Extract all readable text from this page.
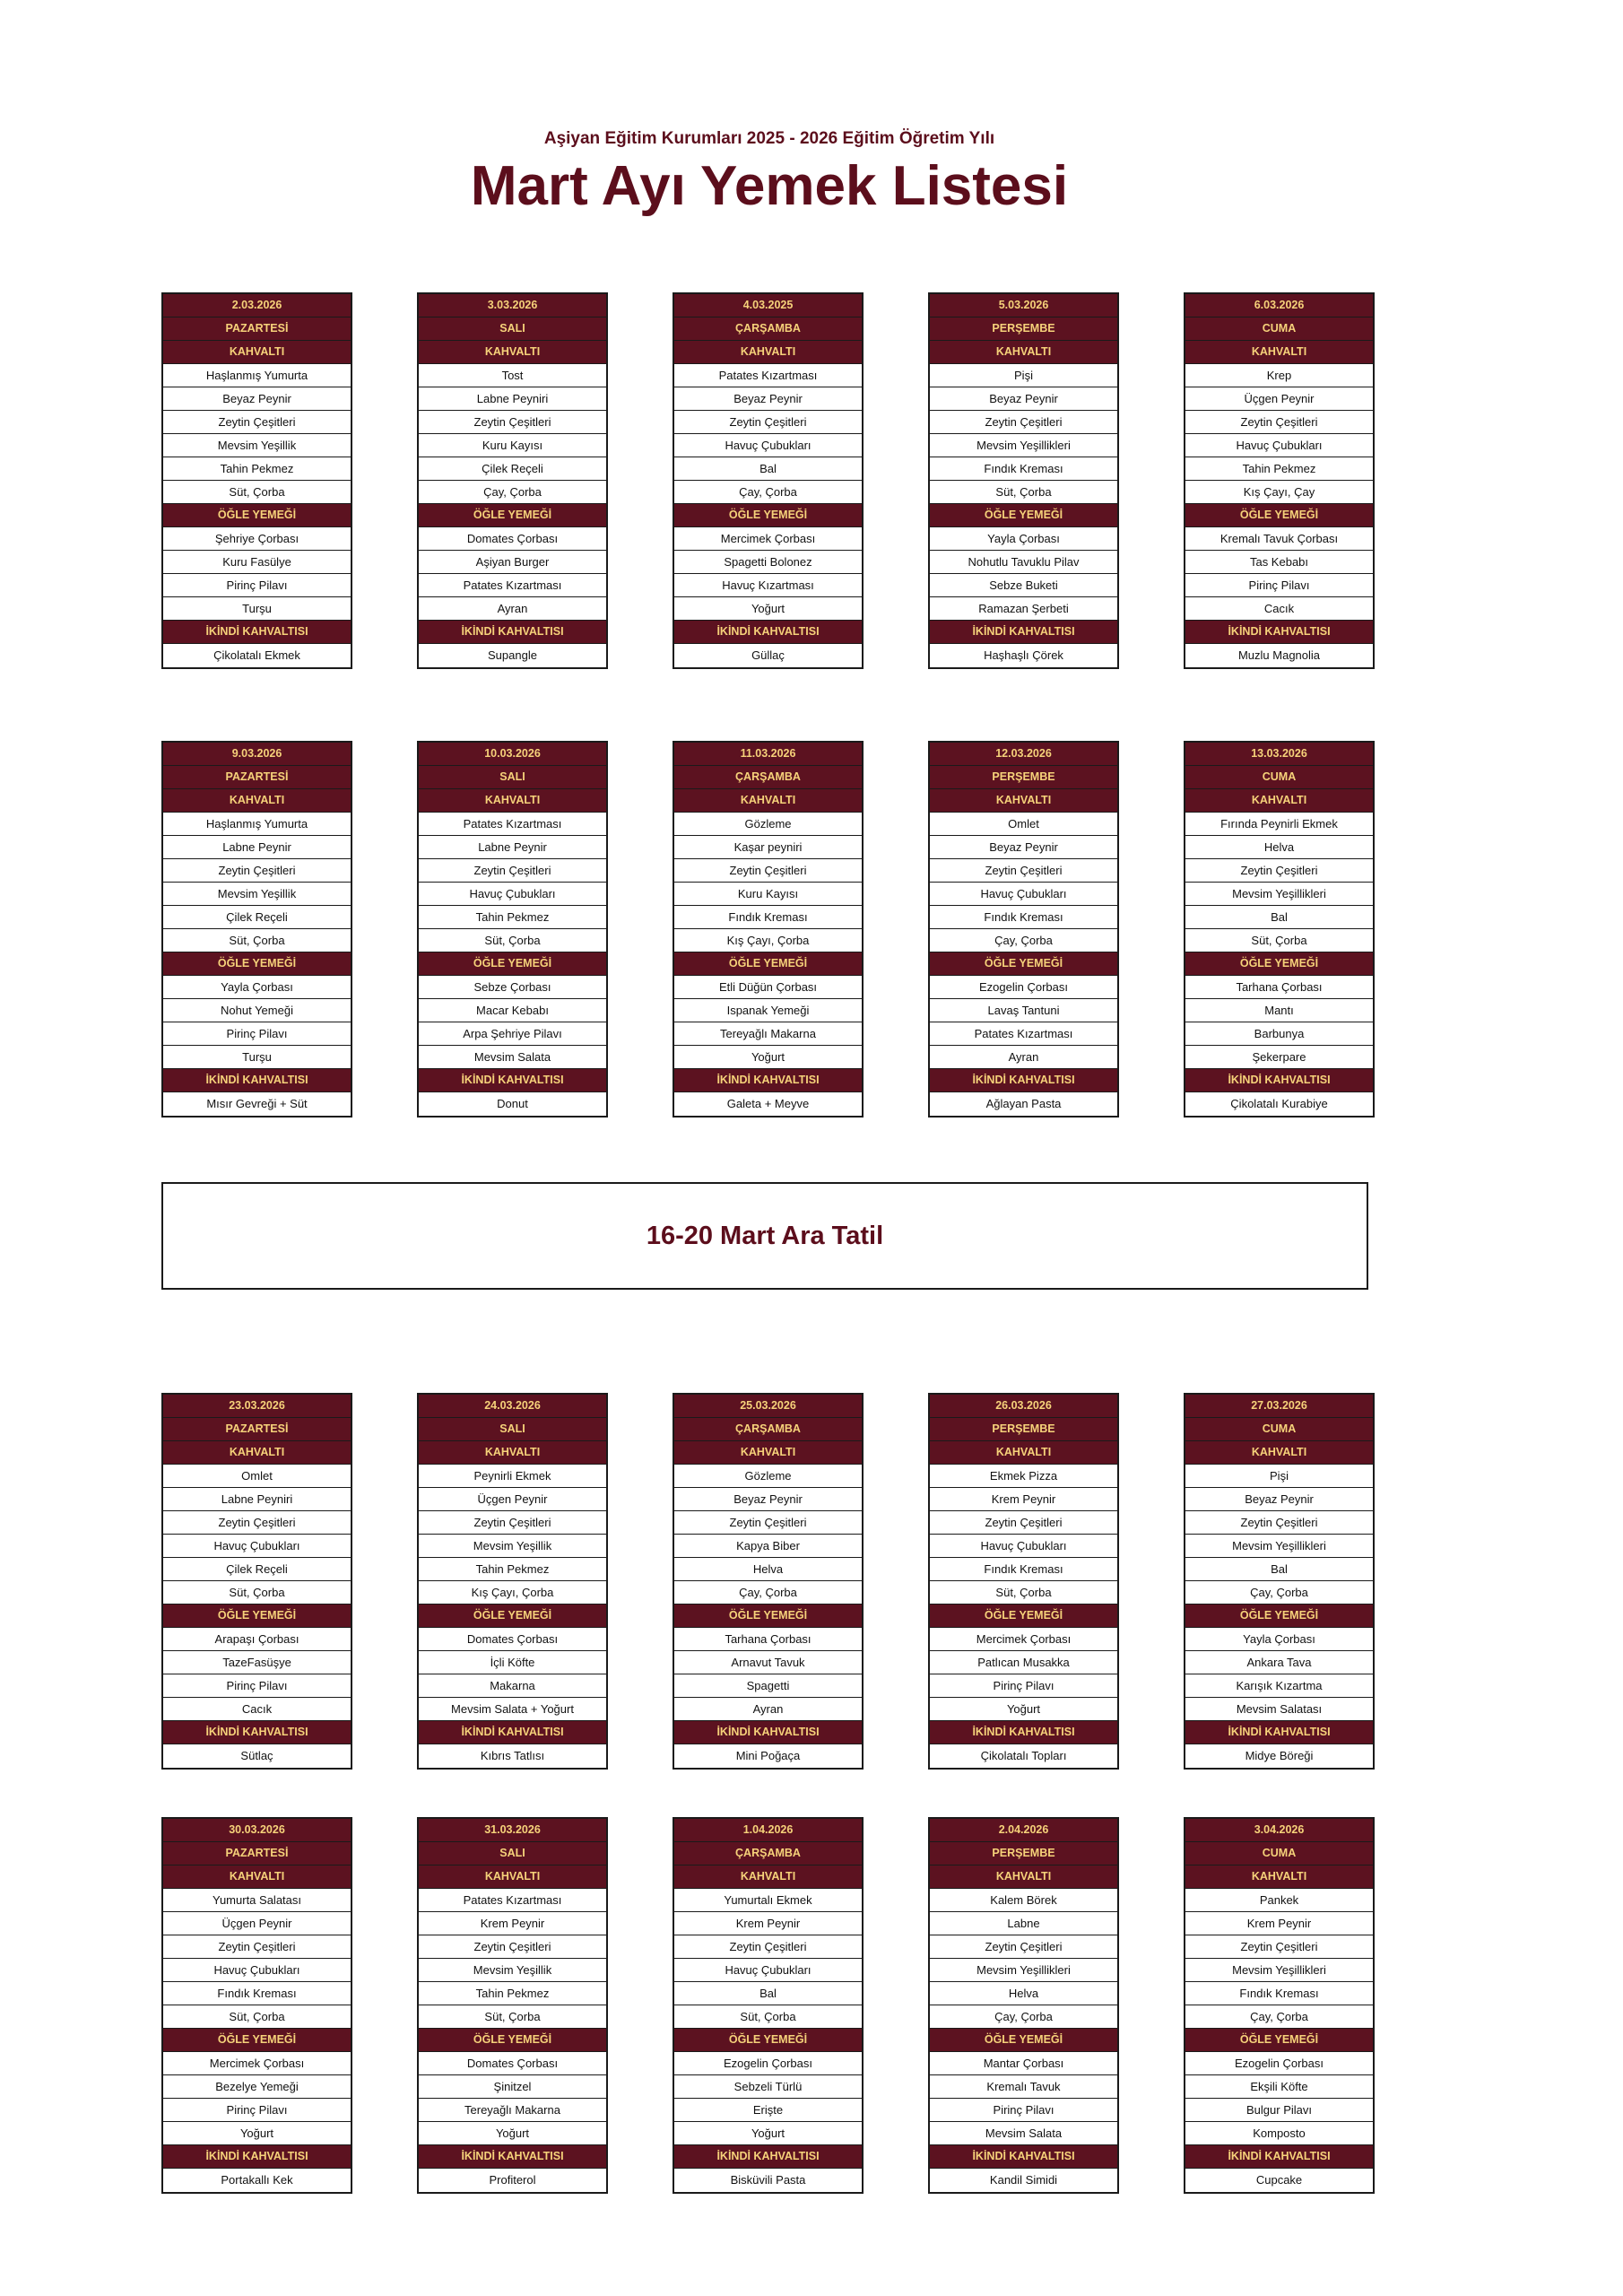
Aşiyan Eğitim Kurumları 2025 - 2026 Eğitim Öğretim Yılı
Mart Ayı Yemek Listesi
2.03.2026
PAZARTESİ
KAHVALTI
Haşlanmış Yumurta
Beyaz Peynir
Zeytin Çeşitleri
Mevsim Yeşillik
Tahin Pekmez
Süt, Çorba
ÖĞLE YEMEĞİ
Şehriye Çorbası
Kuru Fasülye
Pirinç Pilavı
Turşu
İKİNDİ KAHVALTISI
Çikolatalı Ekmek
3.03.2026
SALI
KAHVALTI
Tost
Labne Peyniri
Zeytin Çeşitleri
Kuru Kayısı
Çilek Reçeli
Çay, Çorba
ÖĞLE YEMEĞİ
Domates Çorbası
Aşiyan Burger
Patates Kızartması
Ayran
İKİNDİ KAHVALTISI
Supangle
4.03.2025
ÇARŞAMBA
KAHVALTI
Patates Kızartması
Beyaz Peynir
Zeytin Çeşitleri
Havuç Çubukları
Bal
Çay, Çorba
ÖĞLE YEMEĞİ
Mercimek Çorbası
Spagetti Bolonez
Havuç Kızartması
Yoğurt
İKİNDİ KAHVALTISI
Güllaç
5.03.2026
PERŞEMBE
KAHVALTI
Pişi
Beyaz Peynir
Zeytin Çeşitleri
Mevsim Yeşillikleri
Fındık Kreması
Süt, Çorba
ÖĞLE YEMEĞİ
Yayla Çorbası
Nohutlu Tavuklu Pilav
Sebze Buketi
Ramazan Şerbeti
İKİNDİ KAHVALTISI
Haşhaşlı Çörek
6.03.2026
CUMA
KAHVALTI
Krep
Üçgen Peynir
Zeytin Çeşitleri
Havuç Çubukları
Tahin Pekmez
Kış Çayı, Çay
ÖĞLE YEMEĞİ
Kremalı Tavuk Çorbası
Tas Kebabı
Pirinç Pilavı
Cacık
İKİNDİ KAHVALTISI
Muzlu Magnolia
9.03.2026
PAZARTESİ
KAHVALTI
Haşlanmış Yumurta
Labne Peynir
Zeytin Çeşitleri
Mevsim Yeşillik
Çilek Reçeli
Süt, Çorba
ÖĞLE YEMEĞİ
Yayla Çorbası
Nohut Yemeği
Pirinç Pilavı
Turşu
İKİNDİ KAHVALTISI
Mısır Gevreği + Süt
10.03.2026
SALI
KAHVALTI
Patates Kızartması
Labne Peynir
Zeytin Çeşitleri
Havuç Çubukları
Tahin Pekmez
Süt, Çorba
ÖĞLE YEMEĞİ
Sebze Çorbası
Macar Kebabı
Arpa Şehriye Pilavı
Mevsim Salata
İKİNDİ KAHVALTISI
Donut
11.03.2026
ÇARŞAMBA
KAHVALTI
Gözleme
Kaşar peyniri
Zeytin Çeşitleri
Kuru Kayısı
Fındık Kreması
Kış Çayı, Çorba
ÖĞLE YEMEĞİ
Etli Düğün Çorbası
Ispanak Yemeği
Tereyağlı Makarna
Yoğurt
İKİNDİ KAHVALTISI
Galeta + Meyve
12.03.2026
PERŞEMBE
KAHVALTI
Omlet
Beyaz Peynir
Zeytin Çeşitleri
Havuç Çubukları
Fındık Kreması
Çay, Çorba
ÖĞLE YEMEĞİ
Ezogelin Çorbası
Lavaş Tantuni
Patates Kızartması
Ayran
İKİNDİ KAHVALTISI
Ağlayan Pasta
13.03.2026
CUMA
KAHVALTI
Fırında Peynirli Ekmek
Helva
Zeytin Çeşitleri
Mevsim Yeşillikleri
Bal
Süt, Çorba
ÖĞLE YEMEĞİ
Tarhana Çorbası
Mantı
Barbunya
Şekerpare
İKİNDİ KAHVALTISI
Çikolatalı Kurabiye
23.03.2026
PAZARTESİ
KAHVALTI
Omlet
Labne Peyniri
Zeytin Çeşitleri
Havuç Çubukları
Çilek Reçeli
Süt, Çorba
ÖĞLE YEMEĞİ
Arapaşı Çorbası
TazeFasüşye
Pirinç Pilavı
Cacık
İKİNDİ KAHVALTISI
Sütlaç
24.03.2026
SALI
KAHVALTI
Peynirli Ekmek
Üçgen Peynir
Zeytin Çeşitleri
Mevsim Yeşillik
Tahin Pekmez
Kış Çayı, Çorba
ÖĞLE YEMEĞİ
Domates Çorbası
İçli Köfte
Makarna
Mevsim Salata + Yoğurt
İKİNDİ KAHVALTISI
Kıbrıs Tatlısı
25.03.2026
ÇARŞAMBA
KAHVALTI
Gözleme
Beyaz Peynir
Zeytin Çeşitleri
Kapya Biber
Helva
Çay, Çorba
ÖĞLE YEMEĞİ
Tarhana Çorbası
Arnavut Tavuk
Spagetti
Ayran
İKİNDİ KAHVALTISI
Mini Poğaça
26.03.2026
PERŞEMBE
KAHVALTI
Ekmek Pizza
Krem Peynir
Zeytin Çeşitleri
Havuç Çubukları
Fındık Kreması
Süt, Çorba
ÖĞLE YEMEĞİ
Mercimek Çorbası
Patlıcan Musakka
Pirinç Pilavı
Yoğurt
İKİNDİ KAHVALTISI
Çikolatalı Topları
27.03.2026
CUMA
KAHVALTI
Pişi
Beyaz Peynir
Zeytin Çeşitleri
Mevsim Yeşillikleri
Bal
Çay, Çorba
ÖĞLE YEMEĞİ
Yayla Çorbası
Ankara Tava
Karışık Kızartma
Mevsim Salatası
İKİNDİ KAHVALTISI
Midye Böreği
30.03.2026
PAZARTESİ
KAHVALTI
Yumurta Salatası
Üçgen Peynir
Zeytin Çeşitleri
Havuç Çubukları
Fındık Kreması
Süt, Çorba
ÖĞLE YEMEĞİ
Mercimek Çorbası
Bezelye Yemeği
Pirinç Pilavı
Yoğurt
İKİNDİ KAHVALTISI
Portakallı Kek
31.03.2026
SALI
KAHVALTI
Patates Kızartması
Krem Peynir
Zeytin Çeşitleri
Mevsim Yeşillik
Tahin Pekmez
Süt, Çorba
ÖĞLE YEMEĞİ
Domates Çorbası
Şinitzel
Tereyağlı Makarna
Yoğurt
İKİNDİ KAHVALTISI
Profiterol
1.04.2026
ÇARŞAMBA
KAHVALTI
Yumurtalı Ekmek
Krem Peynir
Zeytin Çeşitleri
Havuç Çubukları
Bal
Süt, Çorba
ÖĞLE YEMEĞİ
Ezogelin Çorbası
Sebzeli Türlü
Erişte
Yoğurt
İKİNDİ KAHVALTISI
Bisküvili Pasta
2.04.2026
PERŞEMBE
KAHVALTI
Kalem Börek
Labne
Zeytin Çeşitleri
Mevsim Yeşillikleri
Helva
Çay, Çorba
ÖĞLE YEMEĞİ
Mantar Çorbası
Kremalı Tavuk
Pirinç Pilavı
Mevsim Salata
İKİNDİ KAHVALTISI
Kandil Simidi
3.04.2026
CUMA
KAHVALTI
Pankek
Krem Peynir
Zeytin Çeşitleri
Mevsim Yeşillikleri
Fındık Kreması
Çay, Çorba
ÖĞLE YEMEĞİ
Ezogelin Çorbası
Ekşili Köfte
Bulgur Pilavı
Komposto
İKİNDİ KAHVALTISI
Cupcake
16-20 Mart Ara Tatil
